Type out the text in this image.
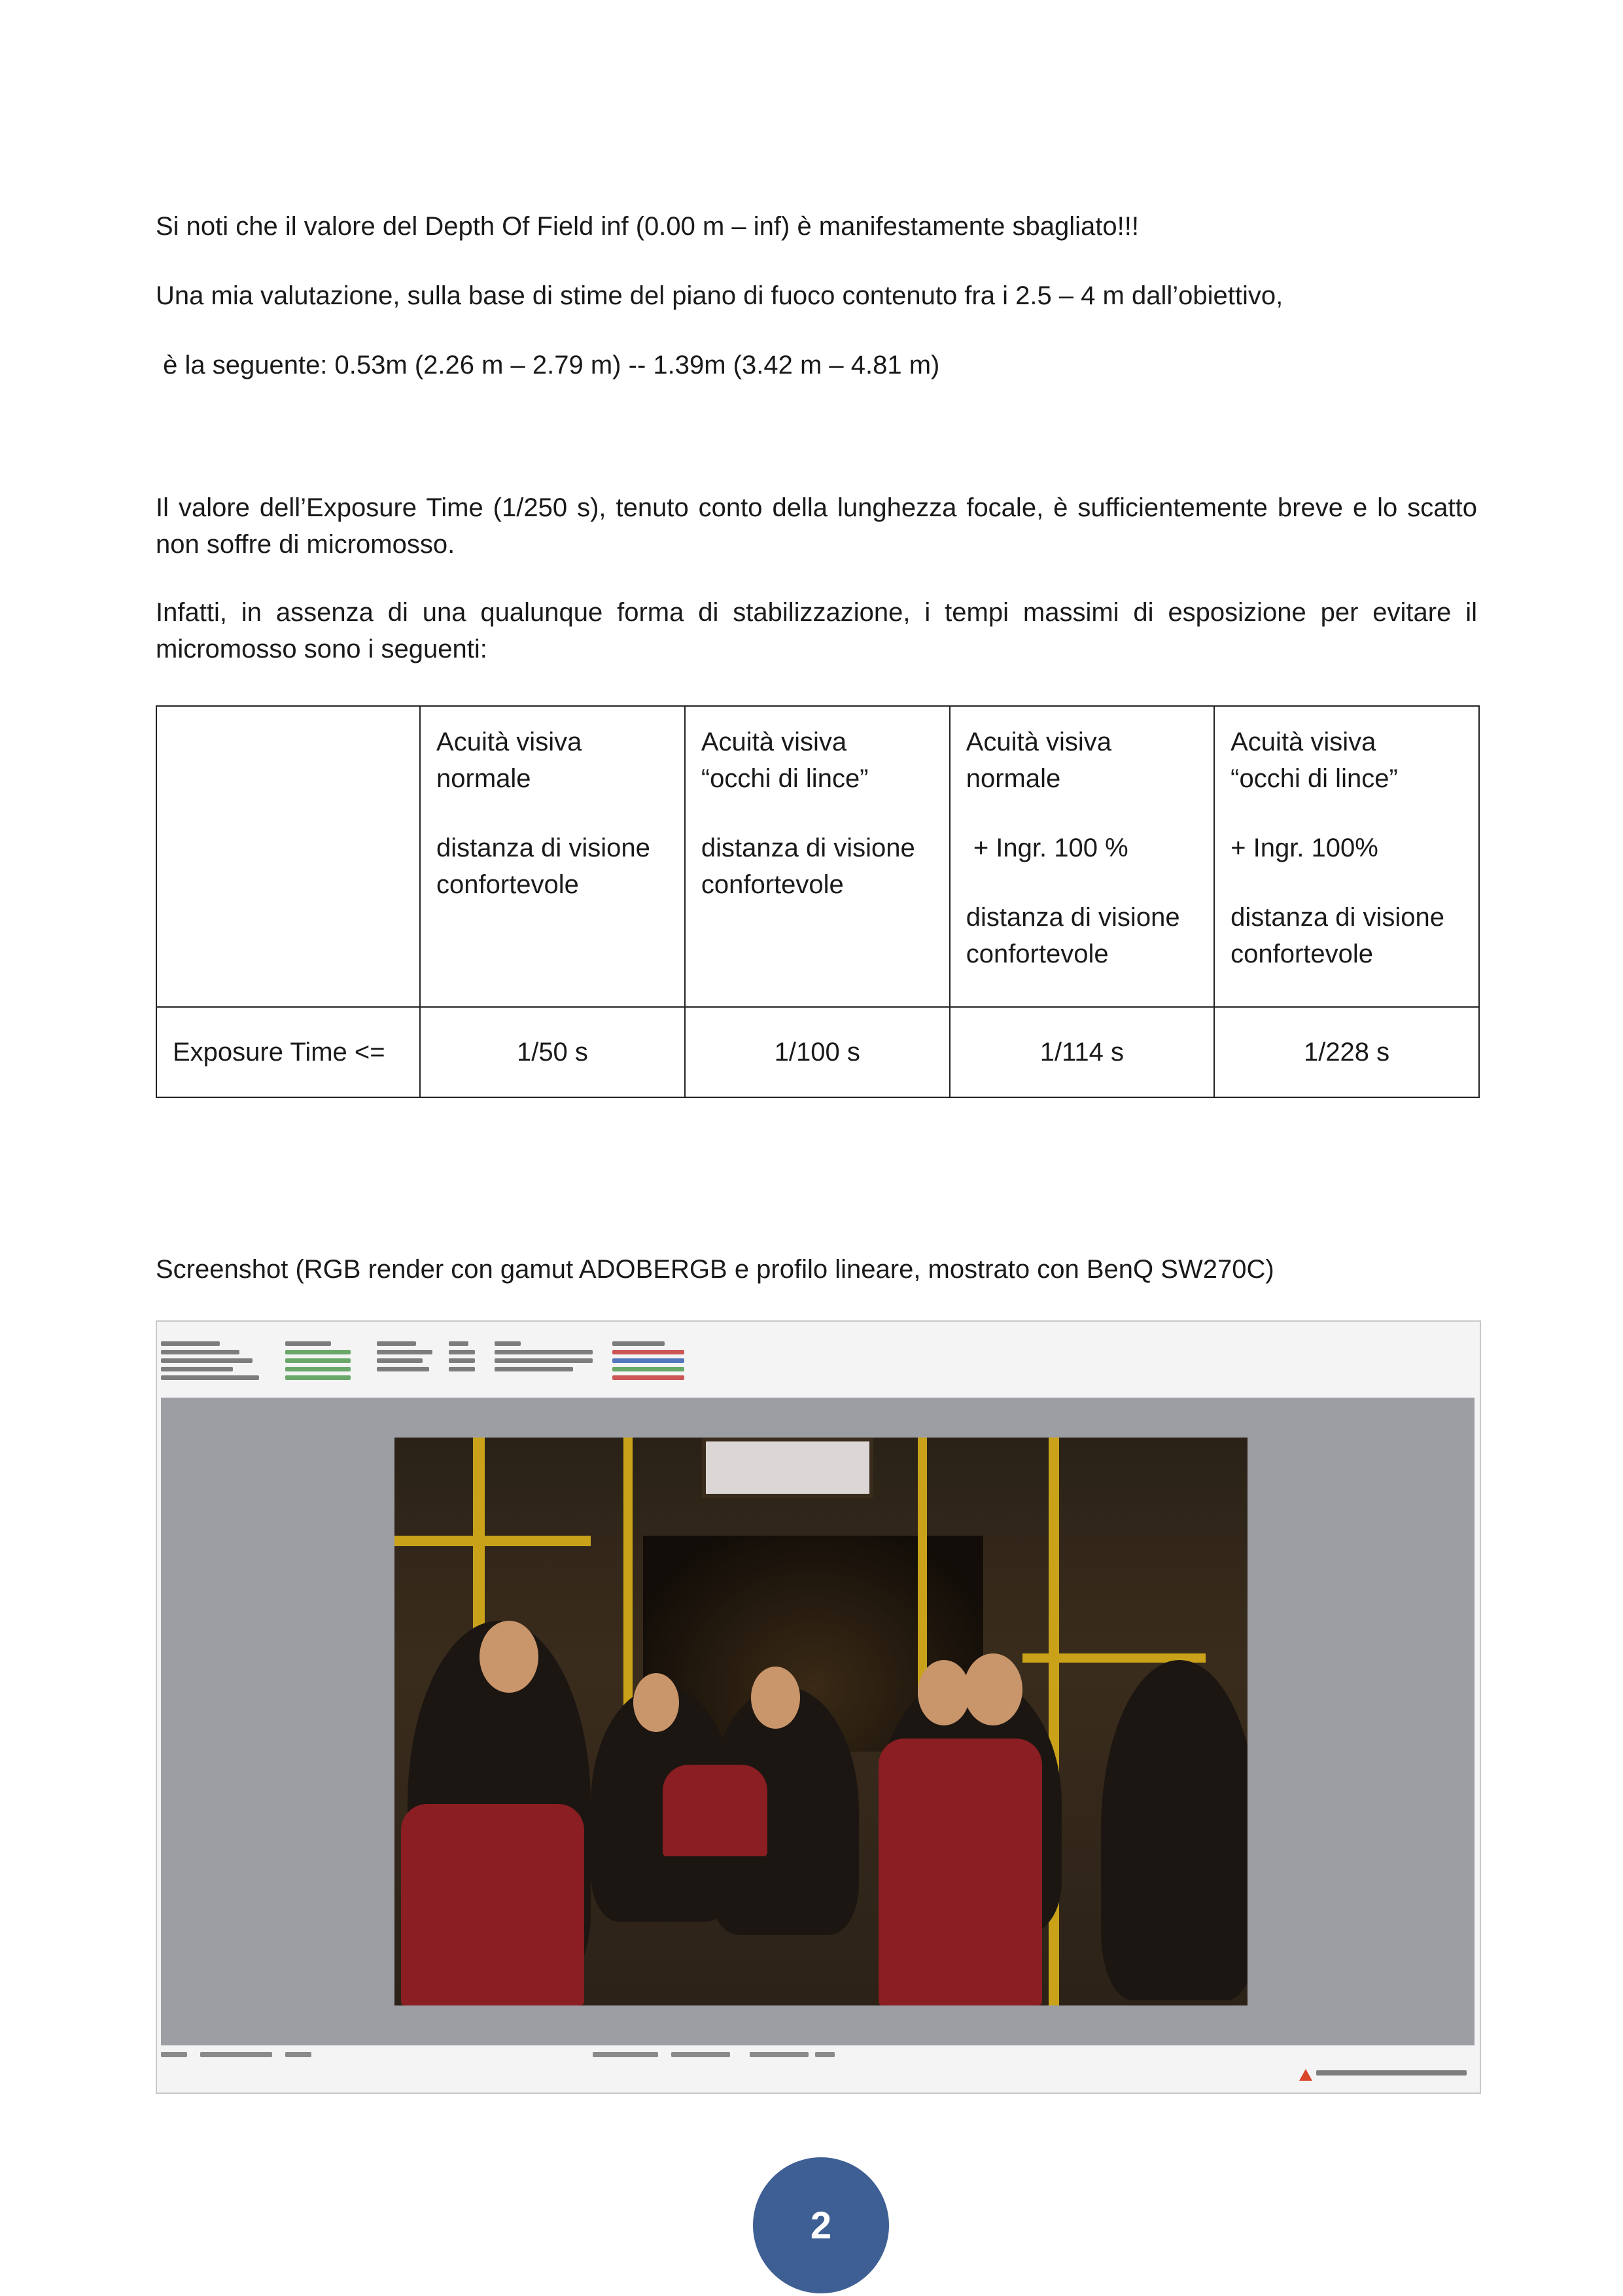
Si noti che il valore del Depth Of Field inf (0.00 m – inf) è manifestamente sbagliato!!!

Una mia valutazione, sulla base di stime del piano di fuoco contenuto fra i 2.5 – 4 m dall’obiettivo,

è la seguente: 0.53m (2.26 m – 2.79 m) -- 1.39m (3.42 m – 4.81 m)

Il valore dell’Exposure Time (1/250 s), tenuto conto della lunghezza focale, è sufficientemente breve e lo scatto non soffre di micromosso.

Infatti, in assenza di una qualunque forma di stabilizzazione, i tempi massimi di esposizione per evitare il micromosso sono i seguenti:

	Acuità visiva
normale
distanza di visione
confortevole	Acuità visiva
“occhi di lince”
distanza di visione
confortevole	Acuità visiva
normale
+ Ingr. 100 %
distanza di visione
confortevole	Acuità visiva
“occhi di lince”
+ Ingr. 100%
distanza di visione
confortevole

Exposure Time <=	1/50 s	1/100 s	1/114 s	1/228 s

Screenshot (RGB render con gamut ADOBERGB e profilo lineare, mostrato con BenQ SW270C)

2
